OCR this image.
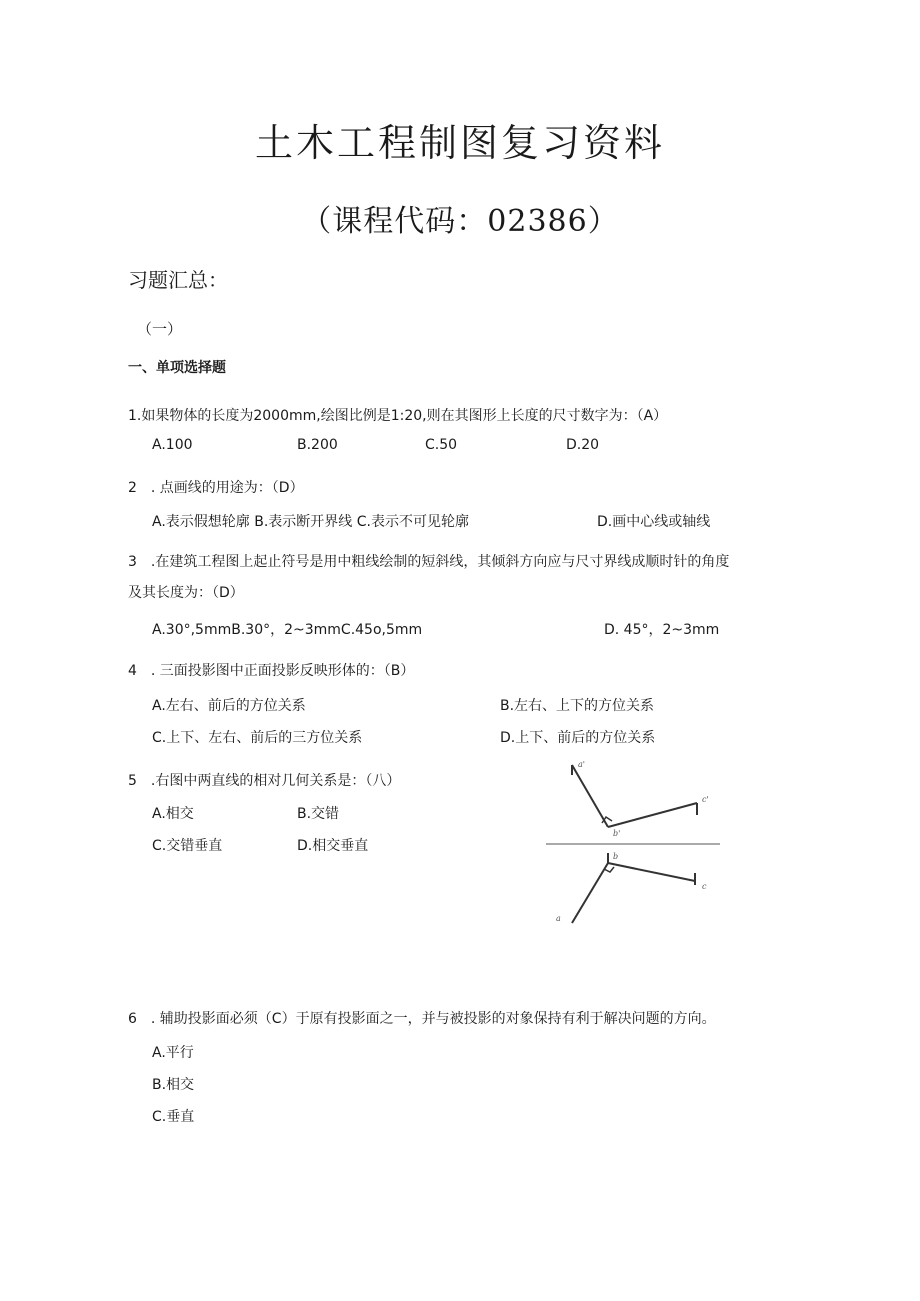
土木工程制图复习资料
（课程代码：02386）
习题汇总：
（一）
一、单项选择题
1.如果物体的长度为2000mm,绘图比例是1:20,则在其图形上长度的尺寸数字为：（A）
A.100	B.200	C.50	D.20
2　. 点画线的用途为：（D）
A.表示假想轮廓 B.表示断开界线 C.表示不可见轮廓	D.画中心线或轴线
3　.在建筑工程图上起止符号是用中粗线绘制的短斜线，其倾斜方向应与尺寸界线成顺时针的角度
及其长度为：（D）
A.30°,5mmB.30°，2~3mmC.45o,5mm	D. 45°，2~3mm
4　. 三面投影图中正面投影反映形体的：（B）
A.左右、前后的方位关系	B.左右、上下的方位关系
C.上下、左右、前后的三方位关系	D.上下、前后的方位关系
5　.右图中两直线的相对几何关系是：（八）
A.相交	B.交错
C.交错垂直	D.相交垂直
a'
c'
b'
b
c
a
6　. 辅助投影面必须（C）于原有投影面之一，并与被投影的对象保持有利于解决问题的方向。
A.平行
B.相交
C.垂直
